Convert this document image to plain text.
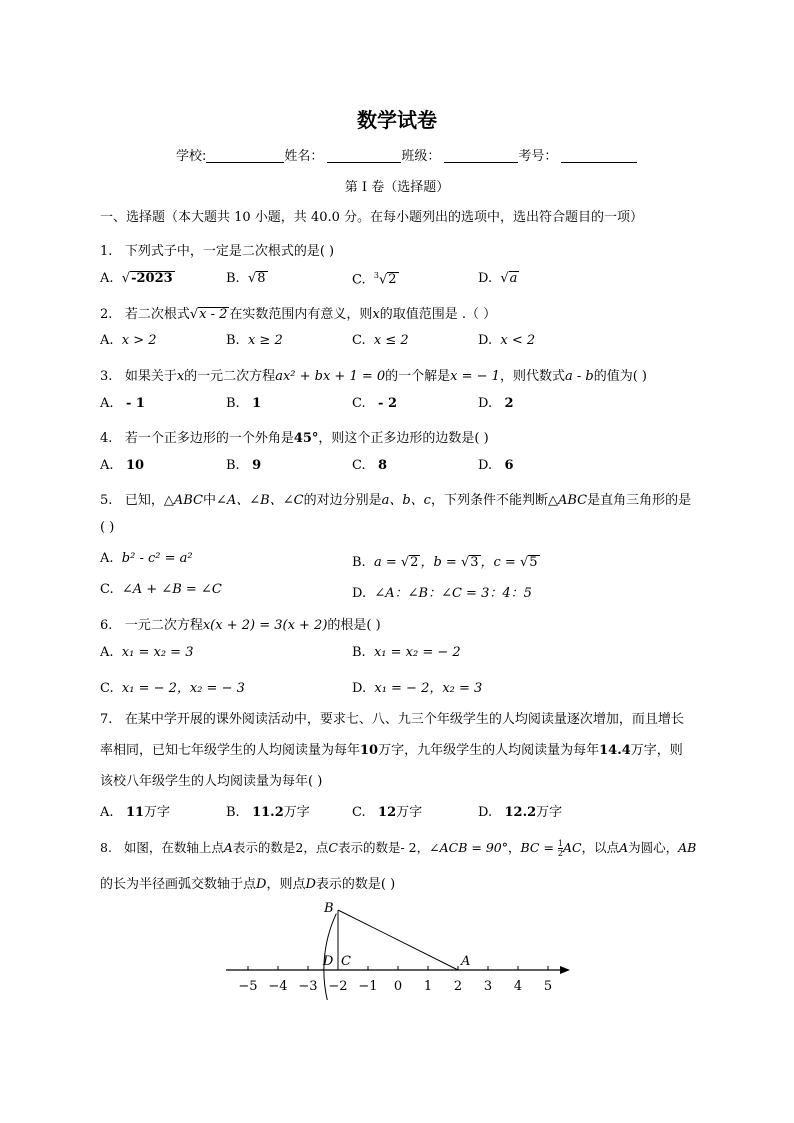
数学试卷
学校:	姓名：	班级：	考号：
第 I 卷（选择题）
一、选择题（本大题共 10 小题，共 40.0 分。在每小题列出的选项中，选出符合题目的一项）
1. 下列式子中，一定是二次根式的是( )
A.  √-2023	B.  √8	C. $^3$√2	D.  √a
2. 若二次根式√x - 2 在实数范围内有意义，则x的取值范围是 .（ ）
A. x > 2	B. x ≥ 2	C. x ≤ 2	D. x < 2
3. 如果关于x的一元二次方程ax² + bx + 1 = 0的一个解是x = − 1，则代数式a - b的值为( )
A. - 1	B. 1	C. - 2	D. 2
4. 若一个正多边形的一个外角是45°，则这个正多边形的边数是( )
A. 10	B. 9	C. 8	D. 6
5. 已知，△ABC中∠A、∠B、∠C的对边分别是a、b、c，下列条件不能判断△ABC是直角三角形的是
( )
A. b² - c² = a²	B. a = √2 ，b = √3 ，c = √5
C. ∠A + ∠B = ∠C	D. ∠A：∠B：∠C = 3：4：5
6. 一元二次方程x(x + 2) = 3(x + 2)的根是( )
A. x₁ = x₂ = 3	B. x₁ = x₂ = − 2
C. x₁ = − 2，x₂ = − 3	D. x₁ = − 2，x₂ = 3
7. 在某中学开展的课外阅读活动中，要求七、八、九三个年级学生的人均阅读量逐次增加，而且增长
率相同，已知七年级学生的人均阅读量为每年10万字，九年级学生的人均阅读量为每年14.4万字，则
该校八年级学生的人均阅读量为每年( )
A. 11万字	B. 11.2万字	C. 12万字	D. 12.2万字
8. 如图，在数轴上点A表示的数是2，点C表示的数是- 2，∠ACB = 90°，BC = $\frac{1}{2}$ AC，以点A为圆心，AB
的长为半径画弧交数轴于点D，则点D表示的数是( )
−5 −4 −3 −2 −1 0 1 2 3 4 5
B
C
D	A
